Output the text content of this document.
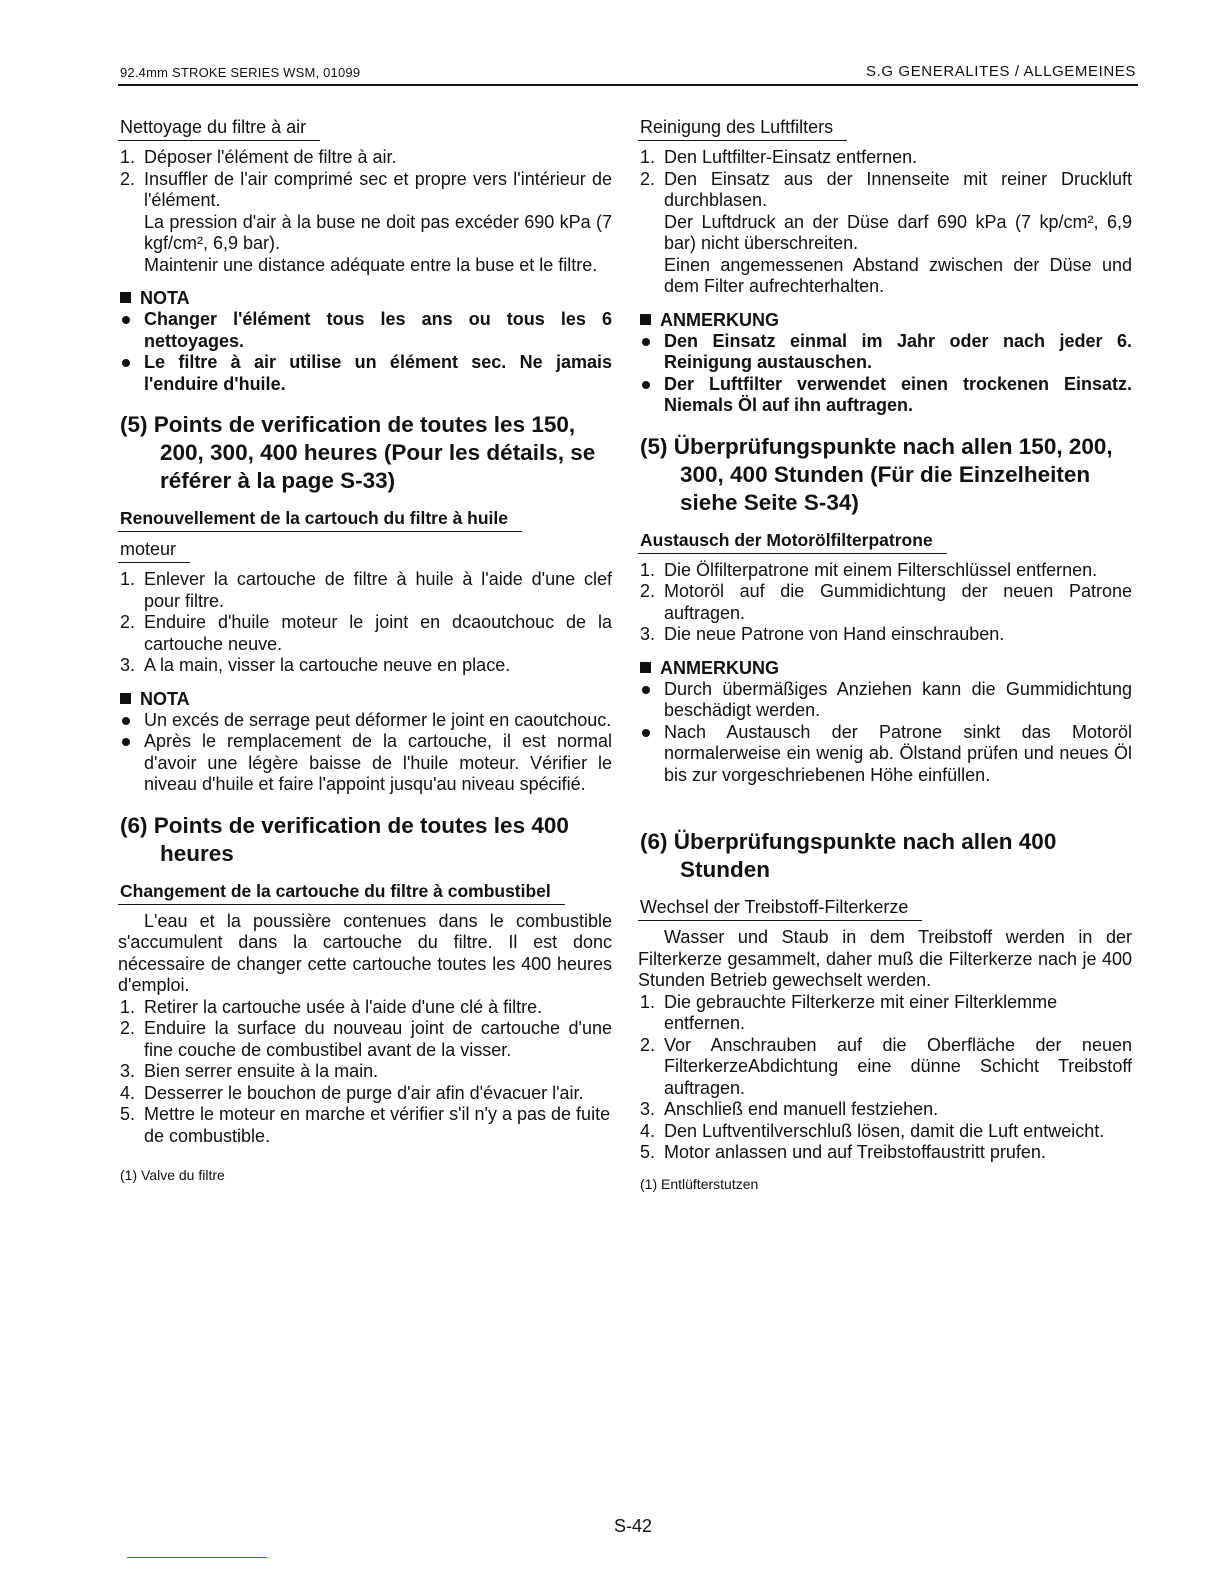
92.4mm STROKE SERIES WSM, 01099	S.G GENERALITES / ALLGEMEINES
Nettoyage du filtre à air
1. Déposer l'élément de filtre à air.
2. Insuffler de l'air comprimé sec et propre vers l'intérieur de l'élément.
La pression d'air à la buse ne doit pas excéder 690 kPa (7 kgf/cm², 6,9 bar).
Maintenir une distance adéquate entre la buse et le filtre.
NOTA
Changer l'élément tous les ans ou tous les 6 nettoyages.
Le filtre à air utilise un élément sec. Ne jamais l'enduire d'huile.
(5) Points de verification de toutes les 150, 200, 300, 400 heures (Pour les détails, se référer à la page S-33)
Renouvellement de la cartouch du filtre à huile
moteur
1. Enlever la cartouche de filtre à huile à l'aide d'une clef pour filtre.
2. Enduire d'huile moteur le joint en dcaoutchouc de la cartouche neuve.
3. A la main, visser la cartouche neuve en place.
NOTA
Un excés de serrage peut déformer le joint en caoutchouc.
Après le remplacement de la cartouche, il est normal d'avoir une légère baisse de l'huile moteur. Vérifier le niveau d'huile et faire l'appoint jusqu'au niveau spécifié.
(6) Points de verification de toutes les 400 heures
Changement de la cartouche du filtre à combustibel
L'eau et la poussière contenues dans le combustible s'accumulent dans la cartouche du filtre. Il est donc nécessaire de changer cette cartouche toutes les 400 heures d'emploi.
1. Retirer la cartouche usée à l'aide d'une clé à filtre.
2. Enduire la surface du nouveau joint de cartouche d'une fine couche de combustibel avant de la visser.
3. Bien serrer ensuite à la main.
4. Desserrer le bouchon de purge d'air afin d'évacuer l'air.
5. Mettre le moteur en marche et vérifier s'il n'y a pas de fuite de combustible.
(1) Valve du filtre
Reinigung des Luftfilters
1. Den Luftfilter-Einsatz entfernen.
2. Den Einsatz aus der Innenseite mit reiner Druckluft durchblasen.
Der Luftdruck an der Düse darf 690 kPa (7 kp/cm², 6,9 bar) nicht überschreiten.
Einen angemessenen Abstand zwischen der Düse und dem Filter aufrechterhalten.
ANMERKUNG
Den Einsatz einmal im Jahr oder nach jeder 6. Reinigung austauschen.
Der Luftfilter verwendet einen trockenen Einsatz. Niemals Öl auf ihn auftragen.
(5) Überprüfungspunkte nach allen 150, 200, 300, 400 Stunden (Für die Einzelheiten siehe Seite S-34)
Austausch der Motorölfilterpatrone
1. Die Ölfilterpatrone mit einem Filterschlüssel entfernen.
2. Motoröl auf die Gummidichtung der neuen Patrone auftragen.
3. Die neue Patrone von Hand einschrauben.
ANMERKUNG
Durch übermäßiges Anziehen kann die Gummidichtung beschädigt werden.
Nach Austausch der Patrone sinkt das Motoröl normalerweise ein wenig ab. Ölstand prüfen und neues Öl bis zur vorgeschriebenen Höhe einfüllen.
(6) Überprüfungspunkte nach allen 400 Stunden
Wechsel der Treibstoff-Filterkerze
Wasser und Staub in dem Treibstoff werden in der Filterkerze gesammelt, daher muß die Filterkerze nach je 400 Stunden Betrieb gewechselt werden.
1. Die gebrauchte Filterkerze mit einer Filterklemme entfernen.
2. Vor Anschrauben auf die Oberfläche der neuen FilterkerzeAbdichtung eine dünne Schicht Treibstoff auftragen.
3. Anschließ end manuell festziehen.
4. Den Luftventilverschluß lösen, damit die Luft entweicht.
5. Motor anlassen und auf Treibstoffaustritt prufen.
(1) Entlüfterstutzen
S-42
